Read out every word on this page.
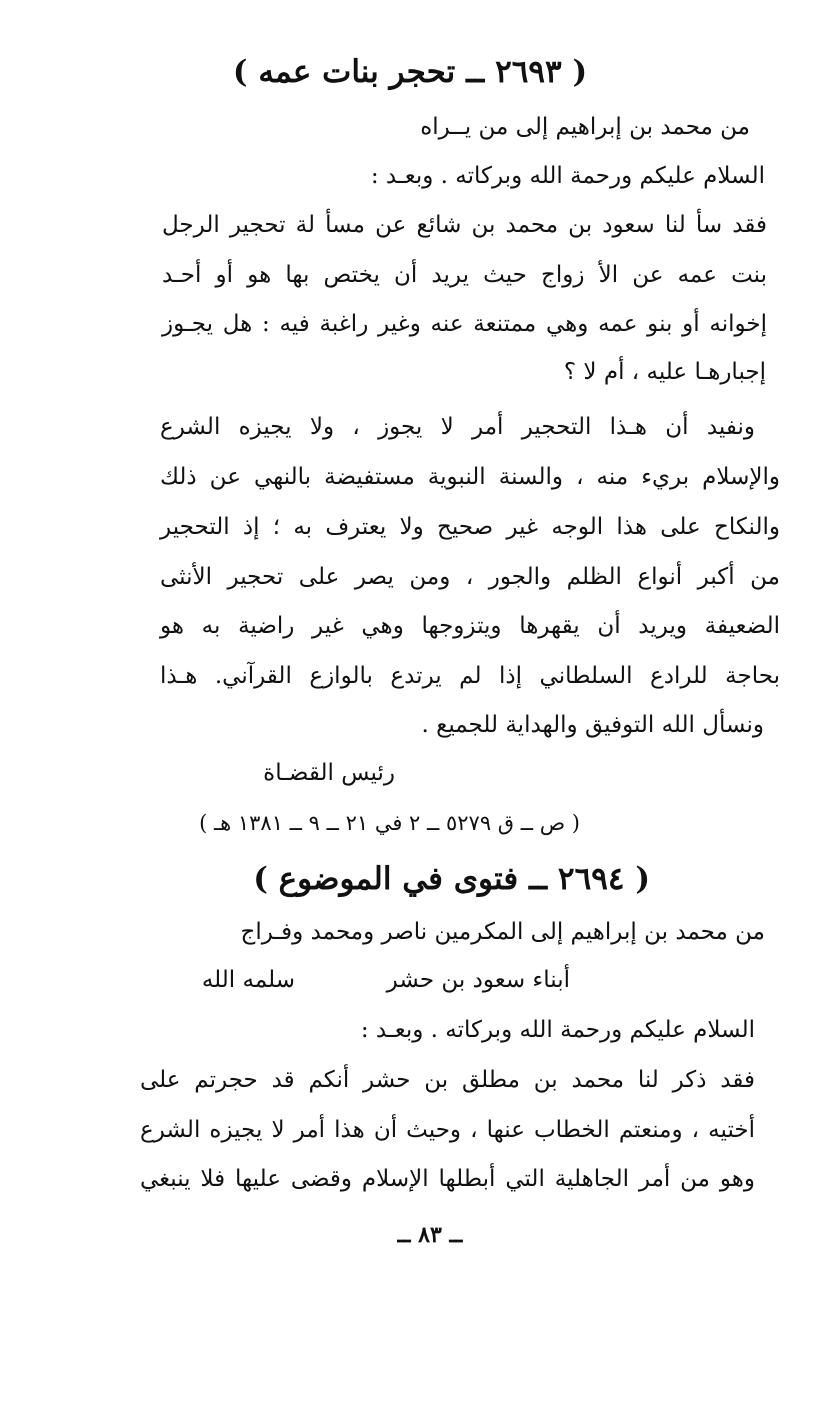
( ٢٦٩٣ ــ تحجر بنات عمه )
من محمد بن إبراهيم إلى من يــراه
السلام عليكم ورحمة الله وبركاته . وبعـد :
فقد سأ لنا سعود بن محمد بن شائع عن مسأ لة تحجير الرجل
بنت عمه عن الأ زواج حيث يريد أن يختص بها هو أو أحـد
إخوانه أو بنو عمه وهي ممتنعة عنه وغير راغبة فيه : هل يجـوز
إجبارهـا عليه ، أم لا ؟
ونفيد أن هـذا التحجير أمر لا يجوز ، ولا يجيزه الشرع
والإسلام بريء منه ، والسنة النبوية مستفيضة بالنهي عن ذلك
والنكاح على هذا الوجه غير صحيح ولا يعترف به ؛ إذ التحجير
من أكبر أنواع الظلم والجور ، ومن يصر على تحجير الأنثى
الضعيفة ويريد أن يقهرها ويتزوجها وهي غير راضية به هو
بحاجة للرادع السلطاني إذا لم يرتدع بالوازع القرآني. هـذا
ونسأل الله التوفيق والهداية للجميع .
رئيس القضـاة
( ص ــ ق ٥٢٧٩ ــ ٢ في ٢١ ــ ٩ ــ ١٣٨١ هـ )
( ٢٦٩٤ ــ فتوى في الموضوع )
من محمد بن إبراهيم إلى المكرمين ناصر ومحمد وفـراج
أبناء سعود بن حشر
سلمه الله
السلام عليكم ورحمة الله وبركاته . وبعـد :
فقد ذكر لنا محمد بن مطلق بن حشر أنكم قد حجرتم على
أختيه ، ومنعتم الخطاب عنها ، وحيث أن هذا أمر لا يجيزه الشرع
وهو من أمر الجاهلية التي أبطلها الإسلام وقضى عليها فلا ينبغي
ــ ٨٣ ــ
